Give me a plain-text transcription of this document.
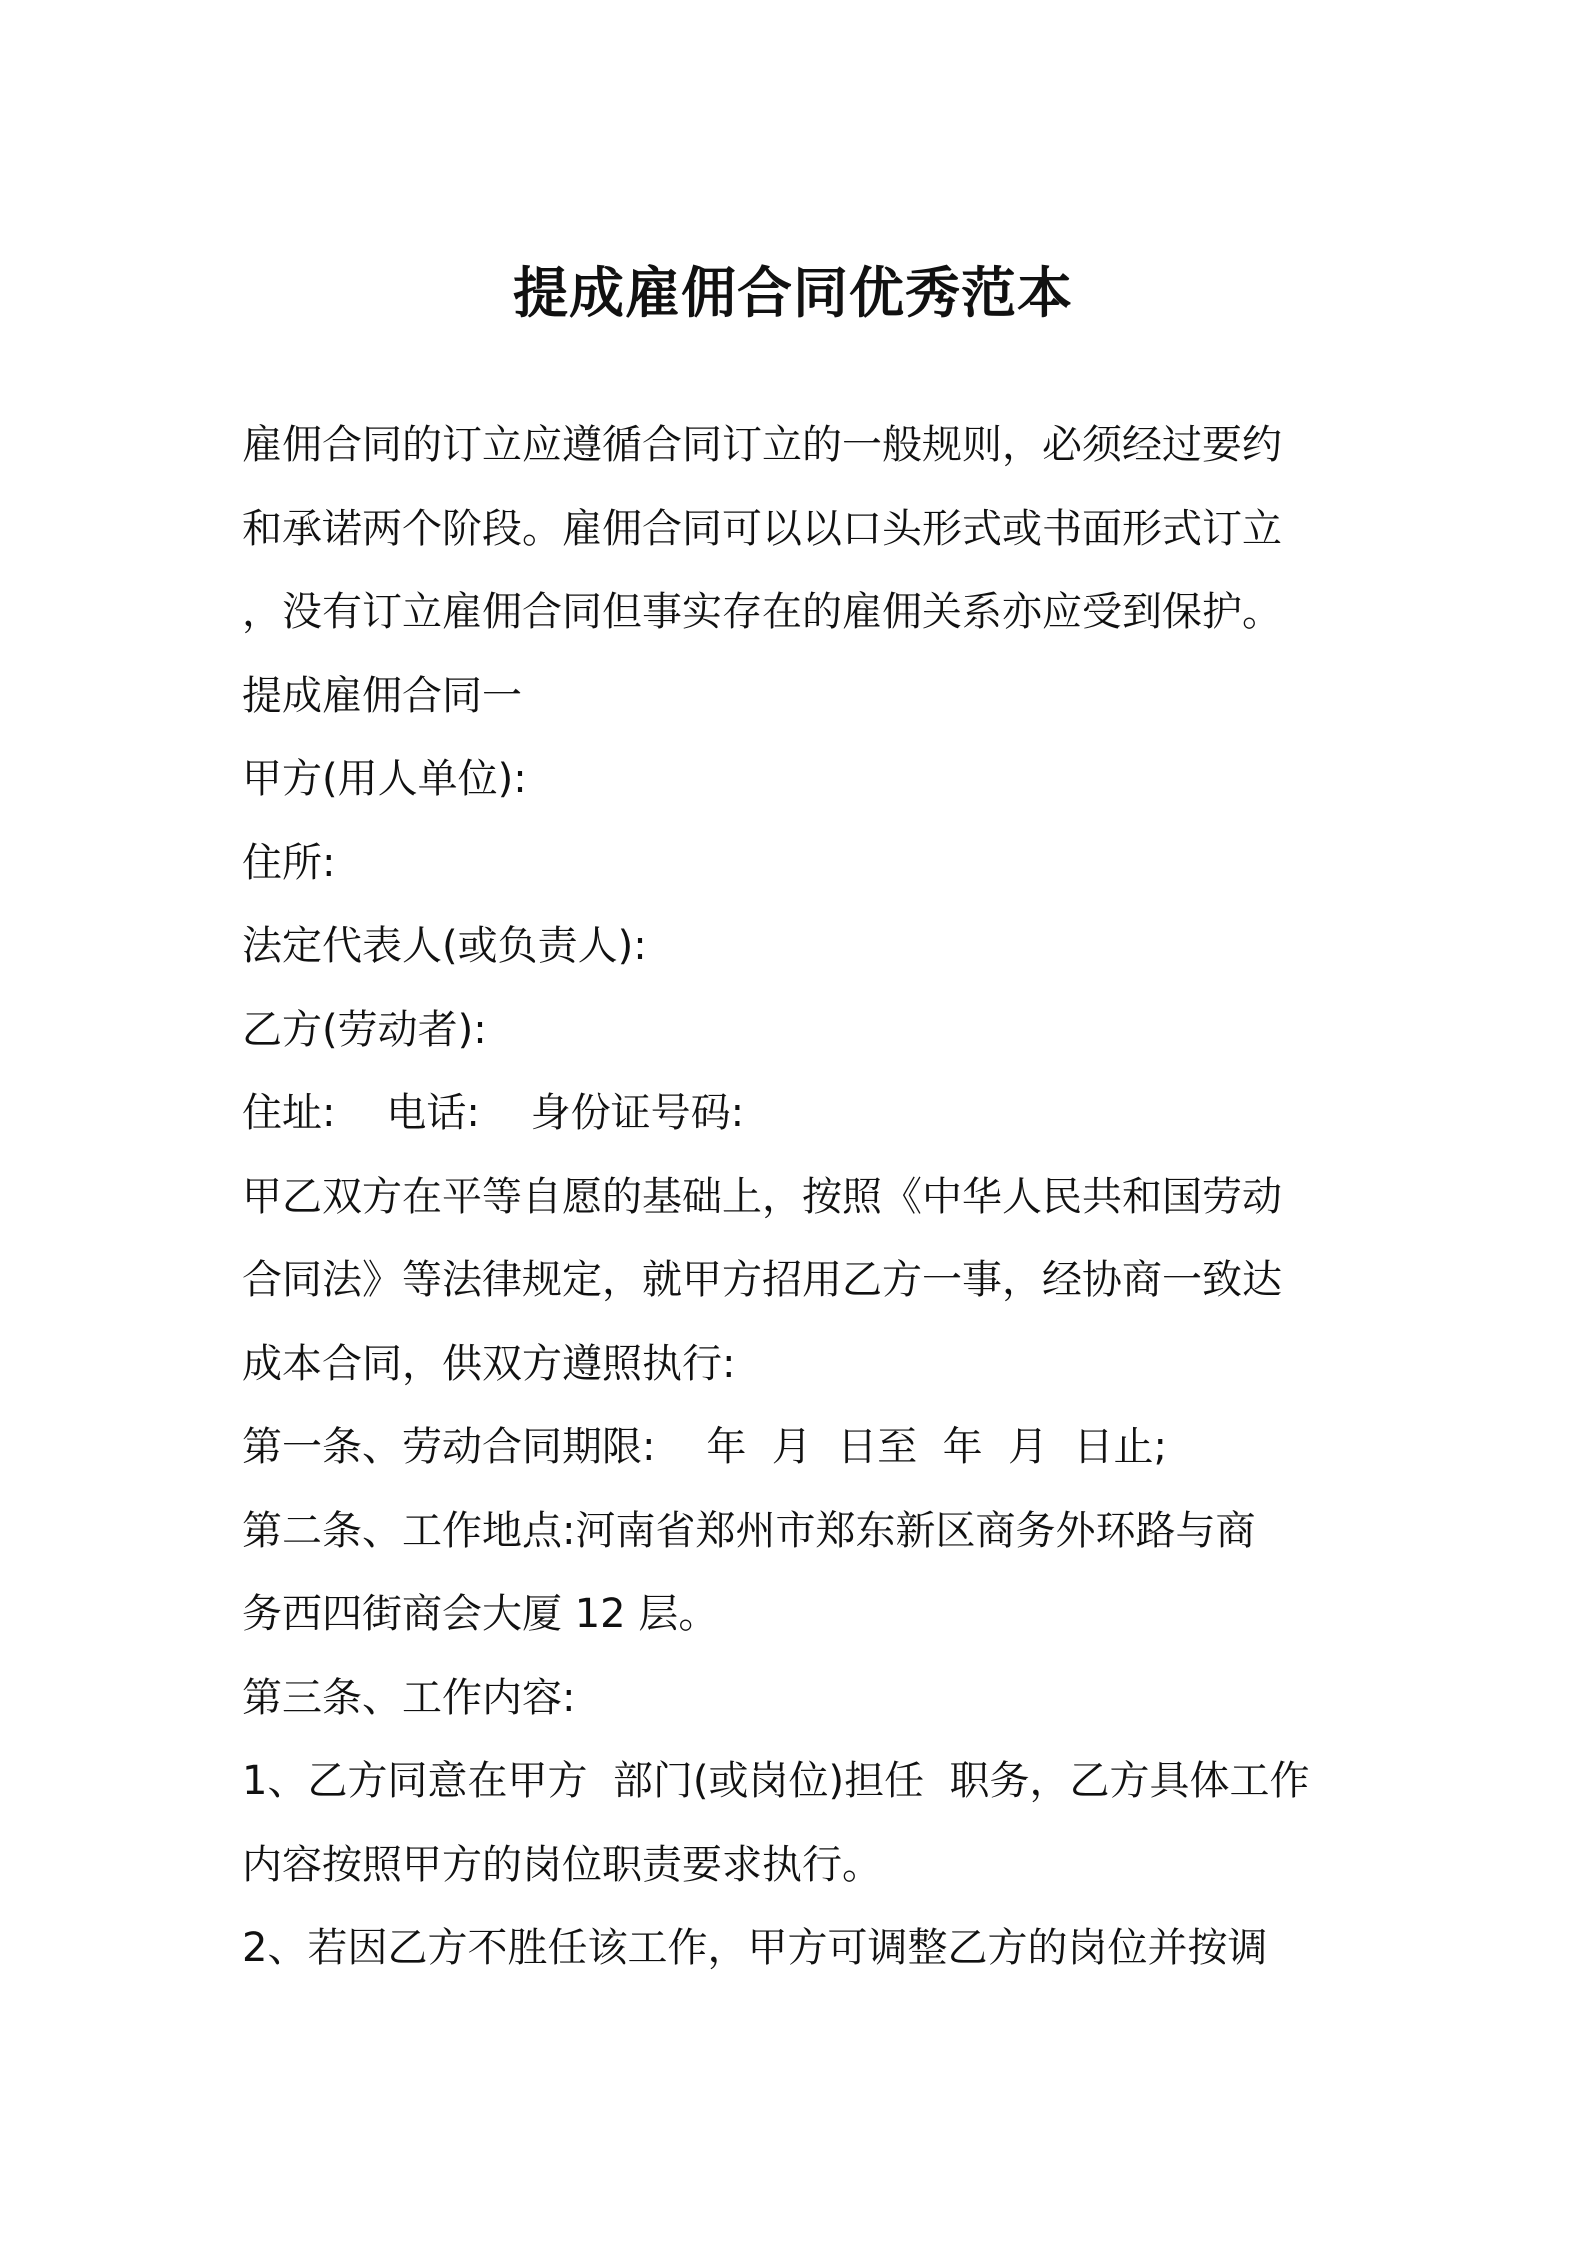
提成雇佣合同优秀范本
雇佣合同的订立应遵循合同订立的一般规则，必须经过要约
和承诺两个阶段。雇佣合同可以以口头形式或书面形式订立
，没有订立雇佣合同但事实存在的雇佣关系亦应受到保护。
提成雇佣合同一
甲方(用人单位):
住所:
法定代表人(或负责人):
乙方(劳动者):
住址:    电话:    身份证号码:
甲乙双方在平等自愿的基础上，按照《中华人民共和国劳动
合同法》等法律规定，就甲方招用乙方一事，经协商一致达
成本合同，供双方遵照执行:
第一条、劳动合同期限:    年  月  日至  年  月  日止;
第二条、工作地点:河南省郑州市郑东新区商务外环路与商
务西四街商会大厦 12 层。
第三条、工作内容:
1、乙方同意在甲方  部门(或岗位)担任  职务，乙方具体工作
内容按照甲方的岗位职责要求执行。
2、若因乙方不胜任该工作，甲方可调整乙方的岗位并按调
